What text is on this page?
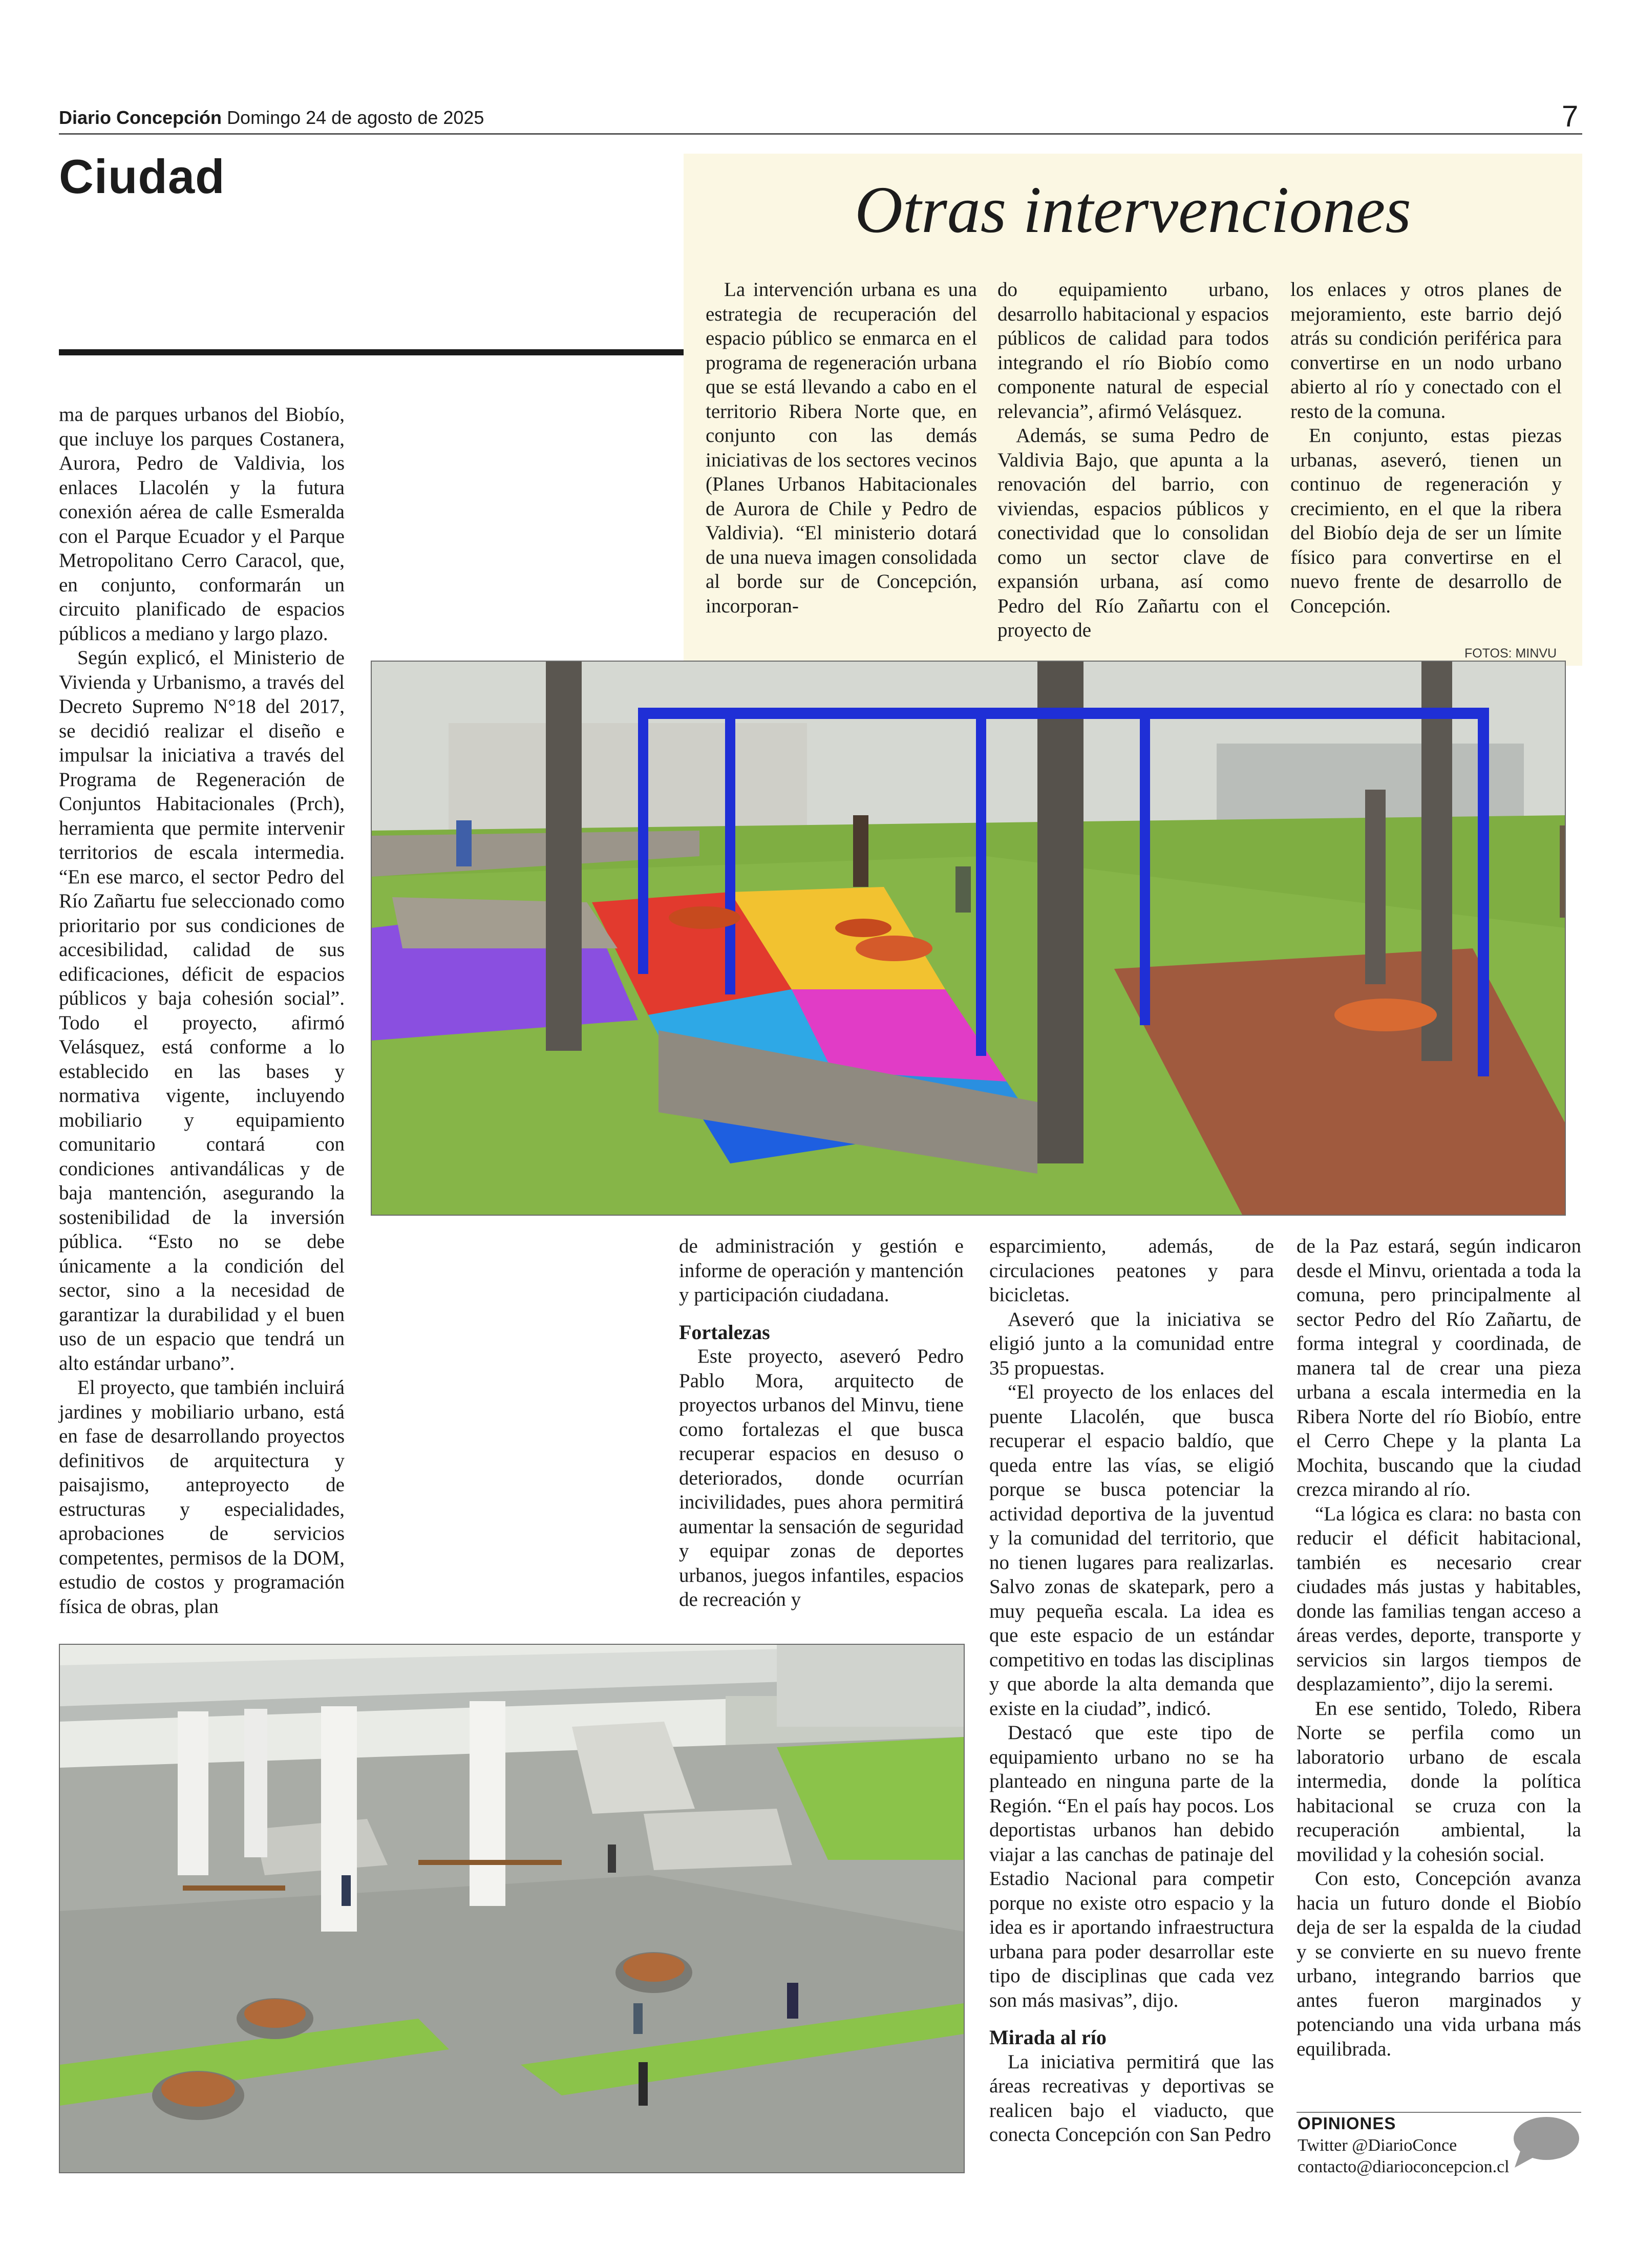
Diario Concepción Domingo 24 de agosto de 2025	7
Ciudad	Otras intervenciones

La intervención urbana es una estrategia de recuperación del espacio público se enmarca en el programa de regeneración urbana que se está llevando a cabo en el territorio Ribera Norte que, en conjunto con las demás iniciativas de los sectores vecinos (Planes Urbanos Habitacionales de Aurora de Chile y Pedro de Valdivia). “El ministerio dotará de una nueva imagen consolidada al borde sur de Concepción, incorporan-

do equipamiento urbano, desarrollo habitacional y espacios públicos de calidad para todos integrando el río Biobío como componente natural de especial relevancia”, afirmó Velásquez.

Además, se suma Pedro de Valdivia Bajo, que apunta a la renovación del barrio, con viviendas, espacios públicos y conectividad que lo consolidan como un sector clave de expansión urbana, así como Pedro del Río Zañartu con el proyecto de

los enlaces y otros planes de mejoramiento, este barrio dejó atrás su condición periférica para convertirse en un nodo urbano abierto al río y conectado con el resto de la comuna.

En conjunto, estas piezas urbanas, aseveró, tienen un continuo de regeneración y crecimiento, en el que la ribera del Biobío deja de ser un límite físico para convertirse en el nuevo frente de desarrollo de Concepción.

FOTOS: MINVU

ma de parques urbanos del Biobío, que incluye los parques Costanera, Aurora, Pedro de Valdivia, los enlaces Llacolén y la futura conexión aérea de calle Esmeralda con el Parque Ecuador y el Parque Metropolitano Cerro Caracol, que, en conjunto, conformarán un circuito planificado de espacios públicos a mediano y largo plazo.

Según explicó, el Ministerio de Vivienda y Urbanismo, a través del Decreto Supremo N°18 del 2017, se decidió realizar el diseño e impulsar la iniciativa a través del Programa de Regeneración de Conjuntos Habitacionales (Prch), herramienta que permite intervenir territorios de escala intermedia. “En ese marco, el sector Pedro del Río Zañartu fue seleccionado como prioritario por sus condiciones de accesibilidad, calidad de sus edificaciones, déficit de espacios públicos y baja cohesión social”. Todo el proyecto, afirmó Velásquez, está conforme a lo establecido en las bases y normativa vigente, incluyendo mobiliario y equipamiento comunitario contará con condiciones antivandálicas y de baja mantención, asegurando la sostenibilidad de la inversión pública. “Esto no se debe únicamente a la condición del sector, sino a la necesidad de garantizar la durabilidad y el buen uso de un espacio que tendrá un alto estándar urbano”.

El proyecto, que también incluirá jardines y mobiliario urbano, está en fase de desarrollando proyectos definitivos de arquitectura y paisajismo, anteproyecto de estructuras y especialidades, aprobaciones de servicios competentes, permisos de la DOM, estudio de costos y programación física de obras, plan

de administración y gestión e informe de operación y mantención y participación ciudadana.

Fortalezas

Este proyecto, aseveró Pedro Pablo Mora, arquitecto de proyectos urbanos del Minvu, tiene como fortalezas el que busca recuperar espacios en desuso o deteriorados, donde ocurrían incivilidades, pues ahora permitirá aumentar la sensación de seguridad y equipar zonas de deportes urbanos, juegos infantiles, espacios de recreación y

esparcimiento, además, de circulaciones peatones y para bicicletas.

Aseveró que la iniciativa se eligió junto a la comunidad entre 35 propuestas.

“El proyecto de los enlaces del puente Llacolén, que busca recuperar el espacio baldío, que queda entre las vías, se eligió porque se busca potenciar la actividad deportiva de la juventud y la comunidad del territorio, que no tienen lugares para realizarlas. Salvo zonas de skatepark, pero a muy pequeña escala. La idea es que este espacio de un estándar competitivo en todas las disciplinas y que aborde la alta demanda que existe en la ciudad”, indicó.

Destacó que este tipo de equipamiento urbano no se ha planteado en ninguna parte de la Región. “En el país hay pocos. Los deportistas urbanos han debido viajar a las canchas de patinaje del Estadio Nacional para competir porque no existe otro espacio y la idea es ir aportando infraestructura urbana para poder desarrollar este tipo de disciplinas que cada vez son más masivas”, dijo.

Mirada al río

La iniciativa permitirá que las áreas recreativas y deportivas se realicen bajo el viaducto, que conecta Concepción con San Pedro

de la Paz estará, según indicaron desde el Minvu, orientada a toda la comuna, pero principalmente al sector Pedro del Río Zañartu, de forma integral y coordinada, de manera tal de crear una pieza urbana a escala intermedia en la Ribera Norte del río Biobío, entre el Cerro Chepe y la planta La Mochita, buscando que la ciudad crezca mirando al río.

“La lógica es clara: no basta con reducir el déficit habitacional, también es necesario crear ciudades más justas y habitables, donde las familias tengan acceso a áreas verdes, deporte, transporte y servicios sin largos tiempos de desplazamiento”, dijo la seremi.

En ese sentido, Toledo, Ribera Norte se perfila como un laboratorio urbano de escala intermedia, donde la política habitacional se cruza con la recuperación ambiental, la movilidad y la cohesión social.

Con esto, Concepción avanza hacia un futuro donde el Biobío deja de ser la espalda de la ciudad y se convierte en su nuevo frente urbano, integrando barrios que antes fueron marginados y potenciando una vida urbana más equilibrada.

OPINIONES
Twitter @DiarioConce
contacto@diarioconcepcion.cl
